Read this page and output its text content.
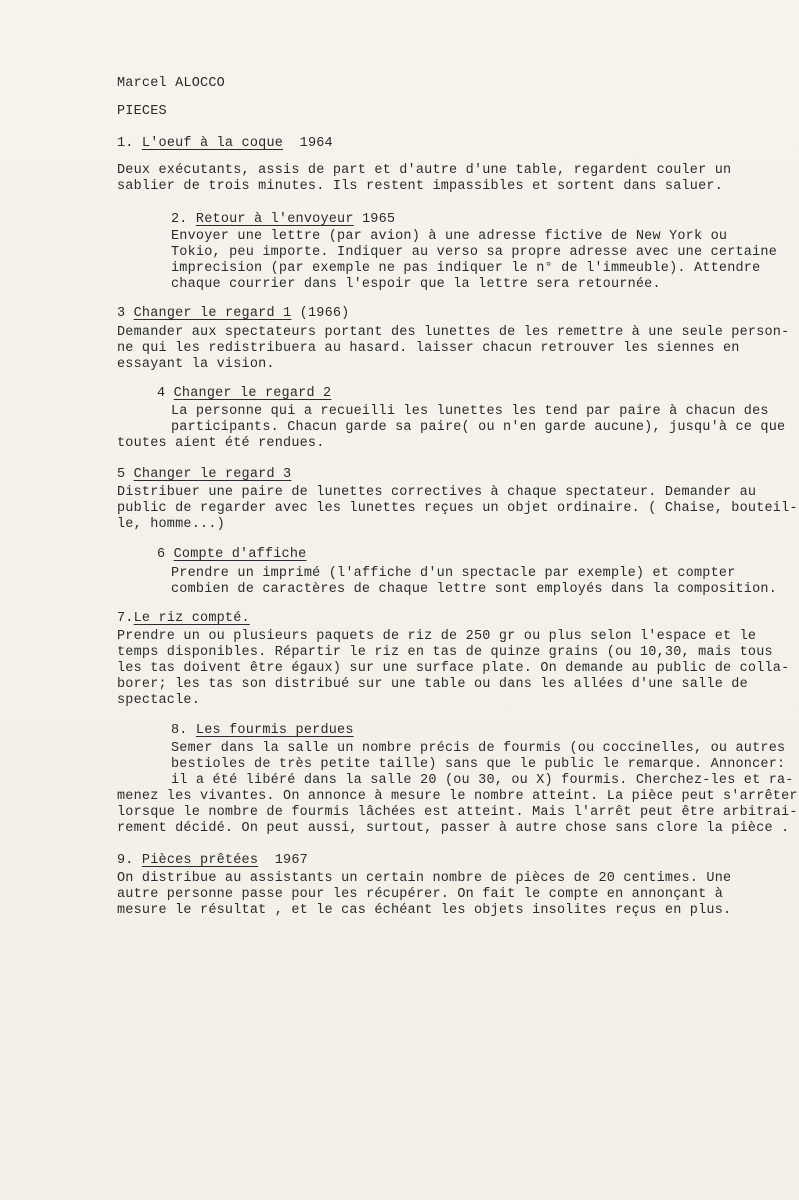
Marcel ALOCCO
PIECES
1. L'oeuf à la coque 1964
Deux exécutants, assis de part et d'autre d'une table, regardent couler un
sablier de trois minutes. Ils restent impassibles et sortent dans saluer.
2. Retour à l'envoyeur 1965
Envoyer une lettre (par avion) à une adresse fictive de New York ou
Tokio, peu importe. Indiquer au verso sa propre adresse avec une certaine
imprecision (par exemple ne pas indiquer le n° de l'immeuble). Attendre
chaque courrier dans l'espoir que la lettre sera retournée.
3 Changer le regard 1 (1966)
Demander aux spectateurs portant des lunettes de les remettre à une seule person-
ne qui les redistribuera au hasard. laisser chacun retrouver les siennes en
essayant la vision.
4 Changer le regard 2
La personne qui a recueilli les lunettes les tend par paire à chacun des
participants. Chacun garde sa paire( ou n'en garde aucune), jusqu'à ce que
toutes aient été rendues.
5 Changer le regard 3
Distribuer une paire de lunettes correctives à chaque spectateur. Demander au
public de regarder avec les lunettes reçues un objet ordinaire. ( Chaise, bouteil-
le, homme...)
6 Compte d'affiche
Prendre un imprimé (l'affiche d'un spectacle par exemple) et compter
combien de caractères de chaque lettre sont employés dans la composition.
7.Le riz compté.
Prendre un ou plusieurs paquets de riz de 250 gr ou plus selon l'espace et le
temps disponibles. Répartir le riz en tas de quinze grains (ou 10,30, mais tous
les tas doivent être égaux) sur une surface plate. On demande au public de colla-
borer; les tas son distribué sur une table ou dans les allées d'une salle de
spectacle.
8. Les fourmis perdues
Semer dans la salle un nombre précis de fourmis (ou coccinelles, ou autres
bestioles de très petite taille) sans que le public le remarque. Annoncer:
il a été libéré dans la salle 20 (ou 30, ou X) fourmis. Cherchez-les et ra-
menez les vivantes. On annonce à mesure le nombre atteint. La pièce peut s'arrêter
lorsque le nombre de fourmis lâchées est atteint. Mais l'arrêt peut être arbitrai-
rement décidé. On peut aussi, surtout, passer à autre chose sans clore la pièce .
9. Pièces prêtées 1967
On distribue au assistants un certain nombre de pièces de 20 centimes. Une
autre personne passe pour les récupérer. On fait le compte en annonçant à
mesure le résultat , et le cas échéant les objets insolites reçus en plus.
